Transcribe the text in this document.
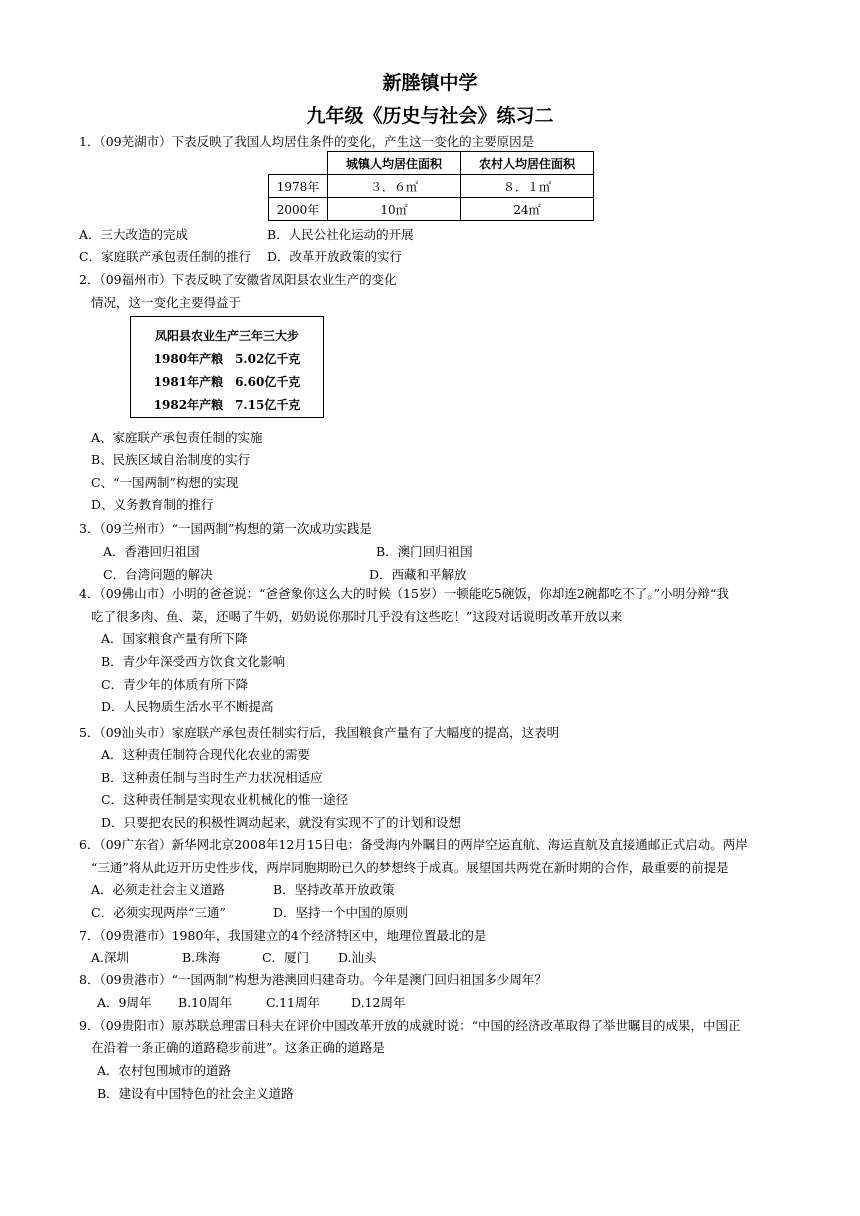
新塍镇中学
九年级《历史与社会》练习二
1．（09芜湖市）下表反映了我国人均居住条件的变化，产生这一变化的主要原因是
	城镇人均居住面积	农村人均居住面积
1978年	３．６㎡	８．１㎡
2000年	10㎡	24㎡
A．三大改造的完成	B．人民公社化运动的开展
C．家庭联产承包责任制的推行 D．改革开放政策的实行
2．（09福州市）下表反映了安徽省凤阳县农业生产的变化
情况，这一变化主要得益于
凤阳县农业生产三年三大步
1980年产粮　5.02亿千克
1981年产粮　6.60亿千克
1982年产粮　7.15亿千克
A、家庭联产承包责任制的实施
B、民族区域自治制度的实行
C、“一国两制”构想的实现
D、义务教育制的推行
3．（09兰州市）“一国两制”构想的第一次成功实践是
A．香港回归祖国	B．澳门回归祖国
C．台湾问题的解决	D．西藏和平解放
4．（09佛山市）小明的爸爸说：“爸爸象你这么大的时候（15岁）一顿能吃5碗饭，你却连2碗都吃不了。”小明分辩“我
吃了很多肉、鱼、菜，还喝了牛奶，奶奶说你那时几乎没有这些吃！”这段对话说明改革开放以来
A．国家粮食产量有所下降
B．青少年深受西方饮食文化影响
C．青少年的体质有所下降
D．人民物质生活水平不断提高
5．（09汕头市）家庭联产承包责任制实行后，我国粮食产量有了大幅度的提高，这表明
A．这种责任制符合现代化农业的需要
B．这种责任制与当时生产力状况相适应
C．这种责任制是实现农业机械化的惟一途径
D．只要把农民的积极性调动起来，就没有实现不了的计划和设想
6．（09广东省）新华网北京2008年12月15日电：备受海内外瞩目的两岸空运直航、海运直航及直接通邮正式启动。两岸
“三通”将从此迈开历史性步伐，两岸同胞期盼已久的梦想终于成真。展望国共两党在新时期的合作，最重要的前提是
A．必须走社会主义道路	B．坚持改革开放政策
C．必须实现两岸“三通”	D．坚持一个中国的原则
7．（09贵港市）1980年，我国建立的4个经济特区中，地理位置最北的是
A.深圳	B.珠海	C．厦门 D.汕头
8．（09贵港市）“一国两制”构想为港澳回归建奇功。今年是澳门回归祖国多少周年？
A．9周年 B.10周年	C.11周年 D.12周年
9．（09贵阳市）原苏联总理雷日科夫在评价中国改革开放的成就时说：“中国的经济改革取得了举世瞩目的成果，中国正
在沿着一条正确的道路稳步前进”。这条正确的道路是
A．农村包围城市的道路
B．建设有中国特色的社会主义道路
